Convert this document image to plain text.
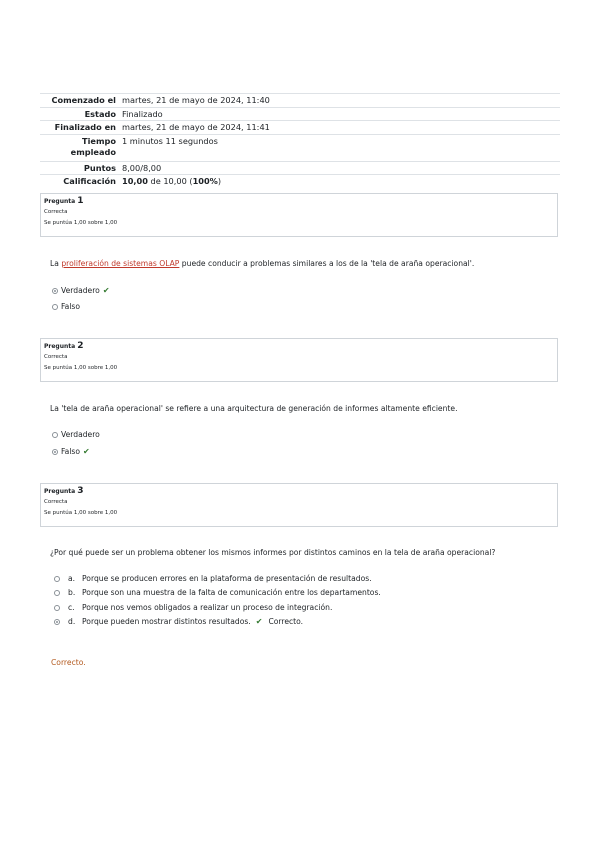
Comenzado el	martes, 21 de mayo de 2024, 11:40
Estado	Finalizado
Finalizado en	martes, 21 de mayo de 2024, 11:41
Tiempo empleado	1 minutos 11 segundos
Puntos	8,00/8,00
Calificación	10,00 de 10,00 (100%)
Pregunta 1
Correcta
Se puntúa 1,00 sobre 1,00
La proliferación de sistemas OLAP puede conducir a problemas similares a los de la 'tela de araña operacional'.
Verdadero ✔
Falso
Pregunta 2
Correcta
Se puntúa 1,00 sobre 1,00
La 'tela de araña operacional' se refiere a una arquitectura de generación de informes altamente eficiente.
Verdadero
Falso ✔
Pregunta 3
Correcta
Se puntúa 1,00 sobre 1,00
¿Por qué puede ser un problema obtener los mismos informes por distintos caminos en la tela de araña operacional?
a. Porque se producen errores en la plataforma de presentación de resultados.
b. Porque son una muestra de la falta de comunicación entre los departamentos.
c. Porque nos vemos obligados a realizar un proceso de integración.
d. Porque pueden mostrar distintos resultados. ✔ Correcto.
Correcto.
